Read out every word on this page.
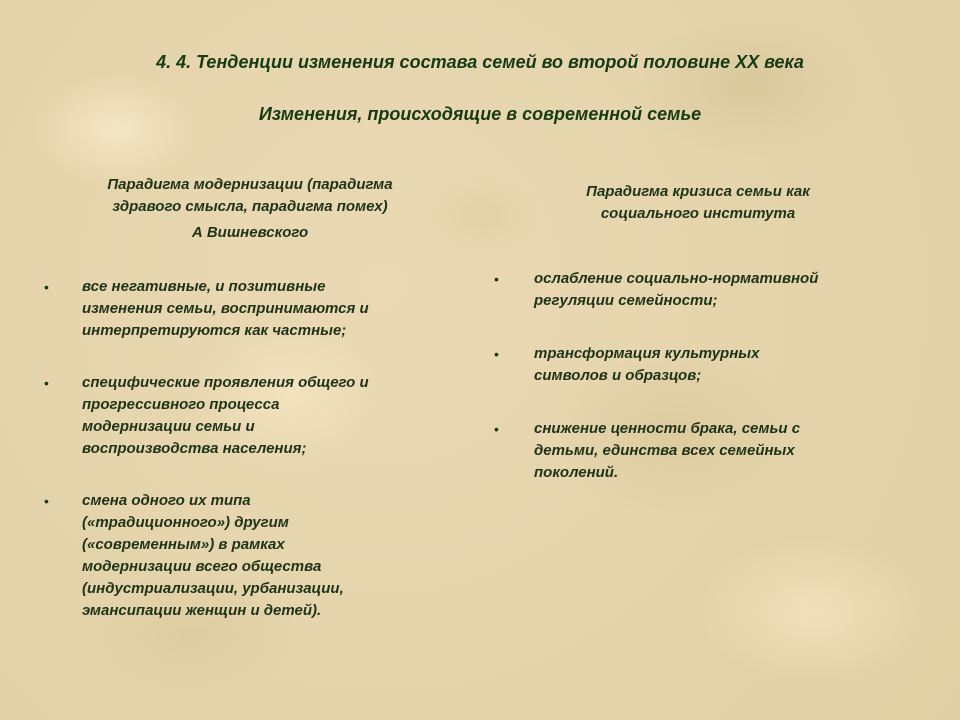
4. 4. Тенденции изменения состава семей во второй половине XX века
Изменения, происходящие в современной семье
Парадигма модернизации (парадигма
здравого смысла, парадигма помех)
А Вишневского
• все негативные, и позитивные
изменения семьи, воспринимаются и
интерпретируются как частные;

• специфические проявления общего и
прогрессивного процесса
модернизации семьи и
воспроизводства населения;

• смена одного их типа
(«традиционного») другим
(«современным») в рамках
модернизации всего общества
(индустриализации, урбанизации,
эмансипации женщин и детей).

Парадигма кризиса семьи как
социального института
• ослабление социально-нормативной
регуляции семейности;

• трансформация культурных
символов и образцов;

• снижение ценности брака, семьи с
детьми, единства всех семейных
поколений.
